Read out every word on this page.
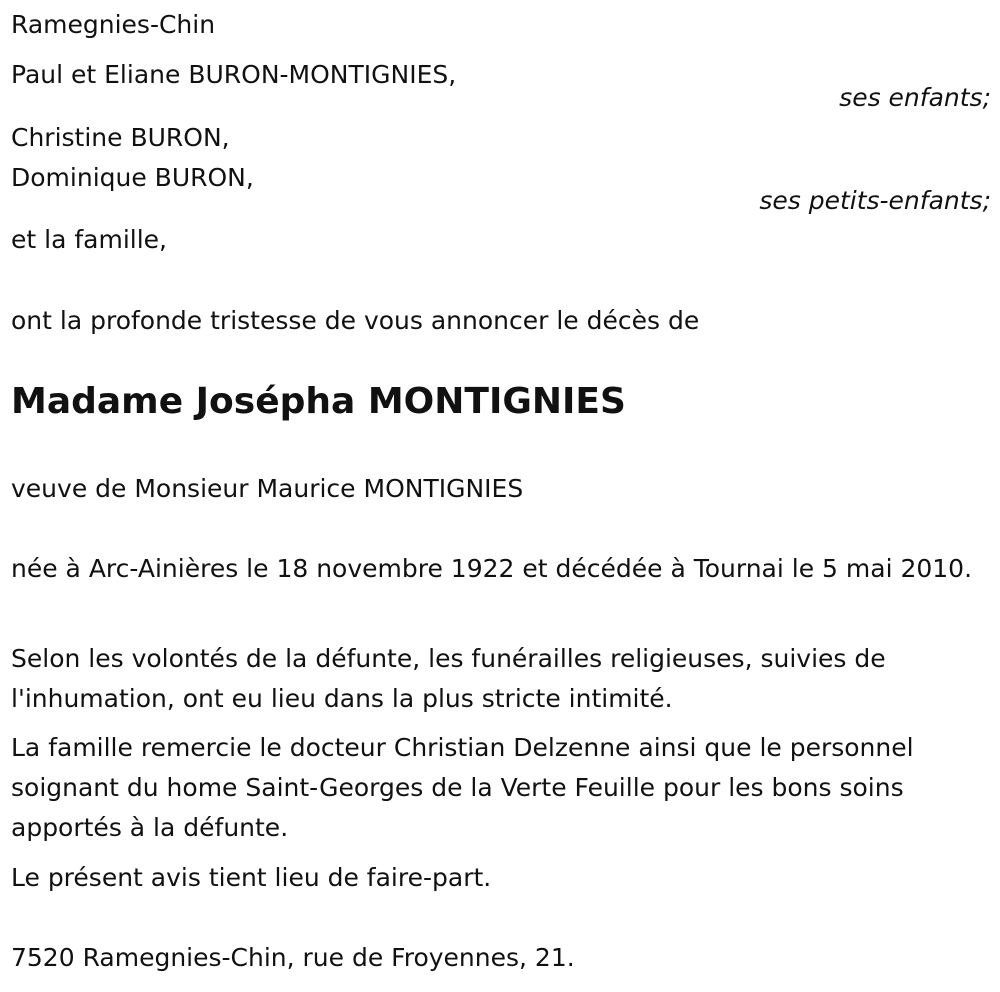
Ramegnies-Chin
Paul et Eliane BURON-MONTIGNIES,
ses enfants;
Christine BURON,
Dominique BURON,
ses petits-enfants;
et la famille,
ont la profonde tristesse de vous annoncer le décès de
Madame Josépha MONTIGNIES
veuve de Monsieur Maurice MONTIGNIES
née à Arc-Ainières le 18 novembre 1922 et décédée à Tournai le 5 mai 2010.
Selon les volontés de la défunte, les funérailles religieuses, suivies de l'inhumation, ont eu lieu dans la plus stricte intimité.
La famille remercie le docteur Christian Delzenne ainsi que le personnel soignant du home Saint-Georges de la Verte Feuille pour les bons soins apportés à la défunte.
Le présent avis tient lieu de faire-part.
7520 Ramegnies-Chin, rue de Froyennes, 21.
